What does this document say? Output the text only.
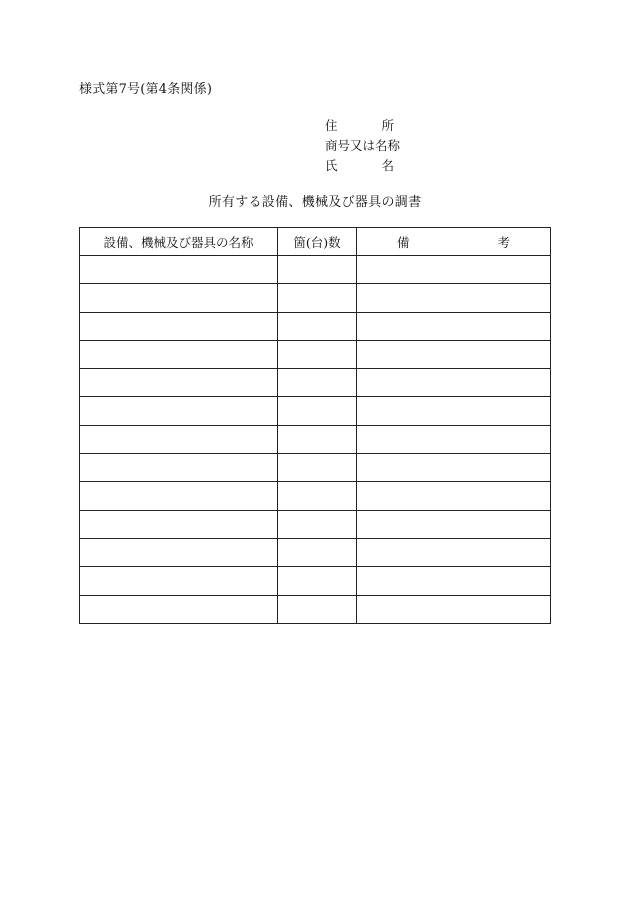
様式第7号(第4条関係)
住	所
商号又は名称
氏	名
所有する設備、機械及び器具の調書
設備、機械及び器具の名称	箇(台)数	備 考
